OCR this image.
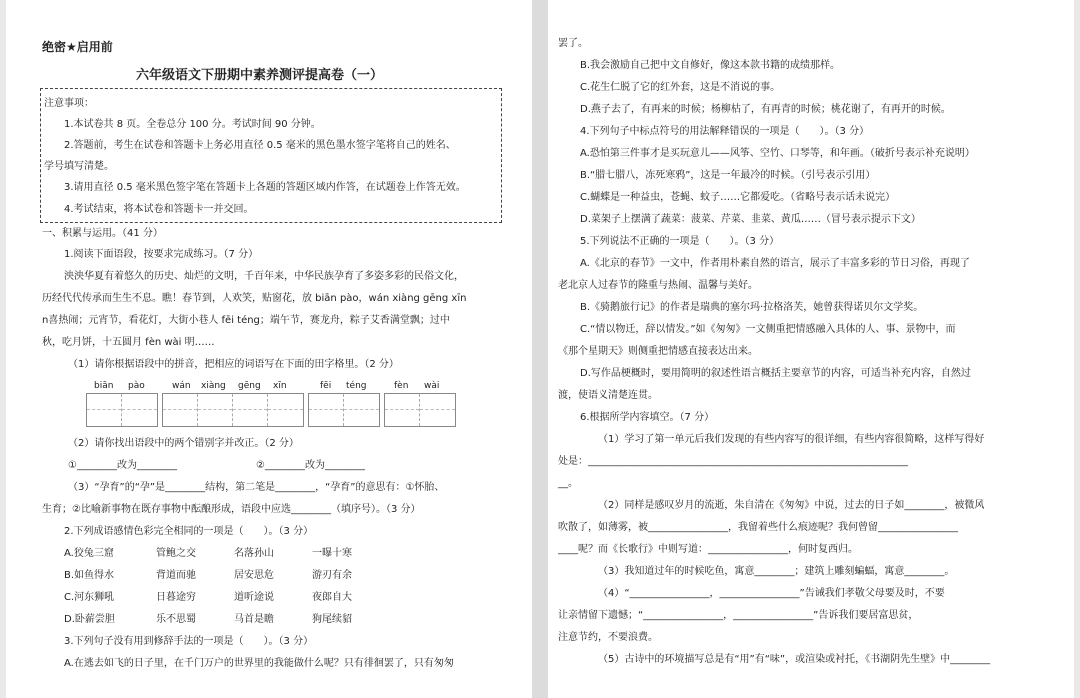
绝密★启用前
六年级语文下册期中素养测评提高卷（一）
注意事项：
1.本试卷共 8 页。全卷总分 100 分。考试时间 90 分钟。
2.答题前，考生在试卷和答题卡上务必用直径 0.5 毫米的黑色墨水签字笔将自己的姓名、
学号填写清楚。
3.请用直径 0.5 毫米黑色签字笔在答题卡上各题的答题区域内作答，在试题卷上作答无效。
4.考试结束，将本试卷和答题卡一并交回。
一、积累与运用。（41 分）
1.阅读下面语段，按要求完成练习。（7 分）
泱泱华夏有着悠久的历史、灿烂的文明，千百年来，中华民族孕育了多姿多彩的民俗文化，
历经代代传承而生生不息。瞧！春节到，人欢笑，贴窗花，放 biān pào，wán xiàng gēng xīn
n喜热闹；元宵节，看花灯，大街小巷人 fēi téng；端午节，赛龙舟，粽子艾香满堂飘；过中
秋，吃月饼，十五圆月 fèn wài 明……
（1）请你根据语段中的拼音，把相应的词语写在下面的田字格里。（2 分）
biān pào	wán xiàng gēng xīn	fēi téng	fèn wài
（2）请你找出语段中的两个错别字并改正。（2 分）
①________改为________	②________改为________
（3）“孕育”的“孕”是________结构，第二笔是________，“孕育”的意思有：①怀胎、
生育；②比喻新事物在既存事物中酝酿形成，语段中应选________（填序号）。（3 分）
2.下列成语感情色彩完全相同的一项是（　　）。（3 分）
A.狡兔三窟	管鲍之交	名落孙山	一曝十寒
B.如鱼得水	背道而驰	居安思危	游刃有余
C.河东狮吼	日暮途穷	道听途说	夜郎自大
D.卧薪尝胆	乐不思蜀	马首是瞻	狗尾续貂
3.下列句子没有用到修辞手法的一项是（　　）。（3 分）
A.在逃去如飞的日子里，在千门万户的世界里的我能做什么呢？只有徘徊罢了，只有匆匆
罢了。
B.我会激励自己把中文自修好，像这本款书籍的成绩那样。
C.花生仁脱了它的红外套，这是不消说的事。
D.燕子去了，有再来的时候；杨柳枯了，有再青的时候；桃花谢了，有再开的时候。
4.下列句子中标点符号的用法解释错误的一项是（　　）。（3 分）
A.恐怕第三件事才是买玩意儿——风筝、空竹、口琴等，和年画。（破折号表示补充说明）
B.“腊七腊八，冻死寒鸦”，这是一年最冷的时候。（引号表示引用）
C.蝴蝶是一种益虫，苍蝇、蚊子……它都爱吃。（省略号表示话未说完）
D.菜架子上摆满了蔬菜：菠菜、芹菜、韭菜、黄瓜……（冒号表示提示下文）
5.下列说法不正确的一项是（　　）。（3 分）
A.《北京的春节》一文中，作者用朴素自然的语言，展示了丰富多彩的节日习俗，再现了
老北京人过春节的隆重与热闹、温馨与美好。
B.《骑鹅旅行记》的作者是瑞典的塞尔玛·拉格洛芙，她曾获得诺贝尔文学奖。
C.“情以物迁，辞以情发。”如《匆匆》一文侧重把情感融入具体的人、事、景物中，而
《那个星期天》则侧重把情感直接表达出来。
D.写作品梗概时，要用简明的叙述性语言概括主要章节的内容，可适当补充内容，自然过
渡，使语义清楚连贯。
6.根据所学内容填空。（7 分）
（1）学习了第一单元后我们发现的有些内容写的很详细，有些内容很简略，这样写得好
处是：________________________________________________________________
__。
（2）同样是感叹岁月的流逝，朱自清在《匆匆》中说，过去的日子如________，被微风
吹散了，如薄雾，被________________，我留着些什么痕迹呢？我何曾留________________
____呢？而《长歌行》中则写道：________________，何时复西归。
（3）我知道过年的时候吃鱼，寓意________；建筑上雕刻蝙蝠，寓意________。
（4）“________________，________________”告诫我们孝敬父母要及时，不要
让亲情留下遗憾；“________________，________________”告诉我们要居富思贫，
注意节约，不要浪费。
（5）古诗中的环境描写总是有“用”有“味”，或渲染或衬托，《书湖阴先生壁》中________
